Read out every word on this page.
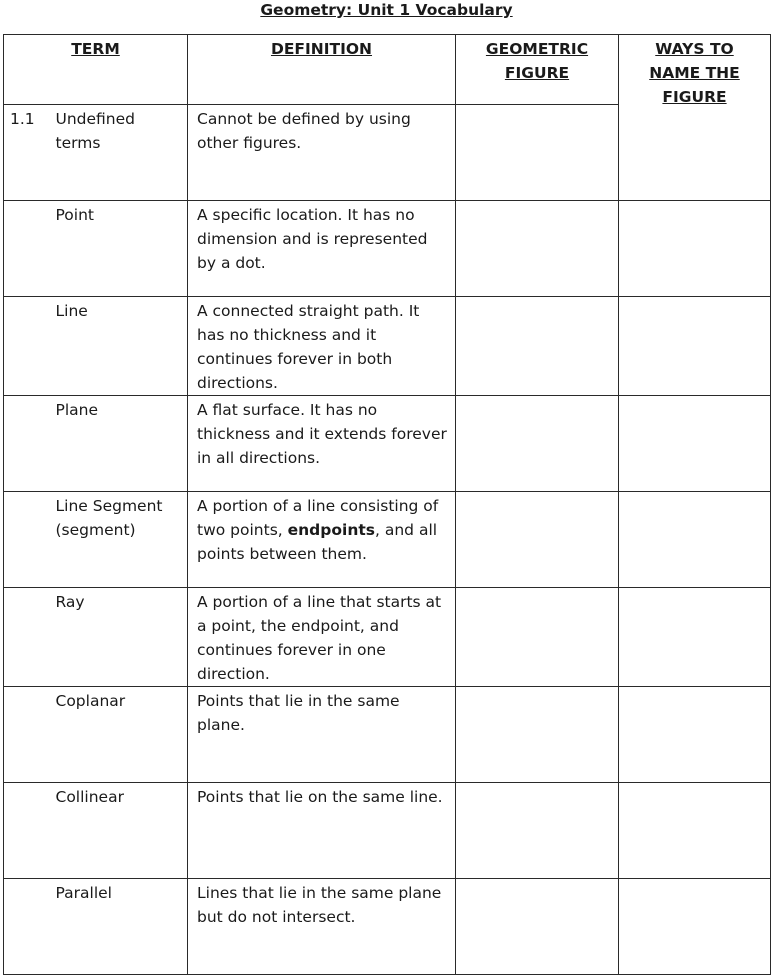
Geometry: Unit 1 Vocabulary
TERM		DEFINITION	GEOMETRIC FIGURE	WAYS TO NAME THE FIGURE
1.1	Undefined terms	Cannot be defined by using other figures.		
	Point	A specific location. It has no dimension and is represented by a dot.		
	Line	A connected straight path. It has no thickness and it continues forever in both directions.		
	Plane	A flat surface. It has no thickness and it extends forever in all directions.		
	Line Segment (segment)	A portion of a line consisting of two points, endpoints, and all points between them.		
	Ray	A portion of a line that starts at a point, the endpoint, and continues forever in one direction.		
	Coplanar	Points that lie in the same plane.		
	Collinear	Points that lie on the same line.		
	Parallel	Lines that lie in the same plane but do not intersect.		
